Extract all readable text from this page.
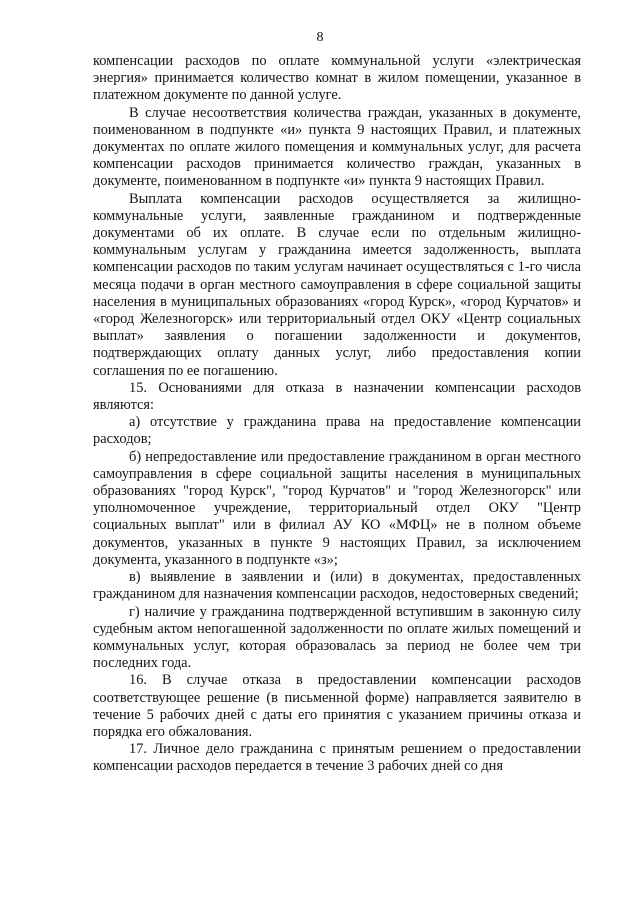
8

компенсации расходов по оплате коммунальной услуги «электрическая энергия» принимается количество комнат в жилом помещении, указанное в платежном документе по данной услуге.

В случае несоответствия количества граждан, указанных в документе, поименованном в подпункте «и» пункта 9 настоящих Правил, и платежных документах по оплате жилого помещения и коммунальных услуг, для расчета компенсации расходов принимается количество граждан, указанных в документе, поименованном в подпункте «и» пункта 9 настоящих Правил.

Выплата компенсации расходов осуществляется за жилищно-коммунальные услуги, заявленные гражданином и подтвержденные документами об их оплате. В случае если по отдельным жилищно-коммунальным услугам у гражданина имеется задолженность, выплата компенсации расходов по таким услугам начинает осуществляться с 1-го числа месяца подачи в орган местного самоуправления в сфере социальной защиты населения в муниципальных образованиях «город Курск», «город Курчатов» и «город Железногорск» или территориальный отдел ОКУ «Центр социальных выплат» заявления о погашении задолженности и документов, подтверждающих оплату данных услуг, либо предоставления копии соглашения по ее погашению.

15. Основаниями для отказа в назначении компенсации расходов являются:

а) отсутствие у гражданина права на предоставление компенсации расходов;

б) непредоставление или предоставление гражданином в орган местного самоуправления в сфере социальной защиты населения в муниципальных образованиях "город Курск", "город Курчатов" и "город Железногорск" или уполномоченное учреждение, территориальный отдел ОКУ "Центр социальных выплат" или в филиал АУ КО «МФЦ» не в полном объеме документов, указанных в пункте 9 настоящих Правил, за исключением документа, указанного в подпункте «з»;

в) выявление в заявлении и (или) в документах, предоставленных гражданином для назначения компенсации расходов, недостоверных сведений;

г) наличие у гражданина подтвержденной вступившим в законную силу судебным актом непогашенной задолженности по оплате жилых помещений и коммунальных услуг, которая образовалась за период не более чем три последних года.

16. В случае отказа в предоставлении компенсации расходов соответствующее решение (в письменной форме) направляется заявителю в течение 5 рабочих дней с даты его принятия с указанием причины отказа и порядка его обжалования.

17. Личное дело гражданина с принятым решением о предоставлении компенсации расходов передается в течение 3 рабочих дней со дня
